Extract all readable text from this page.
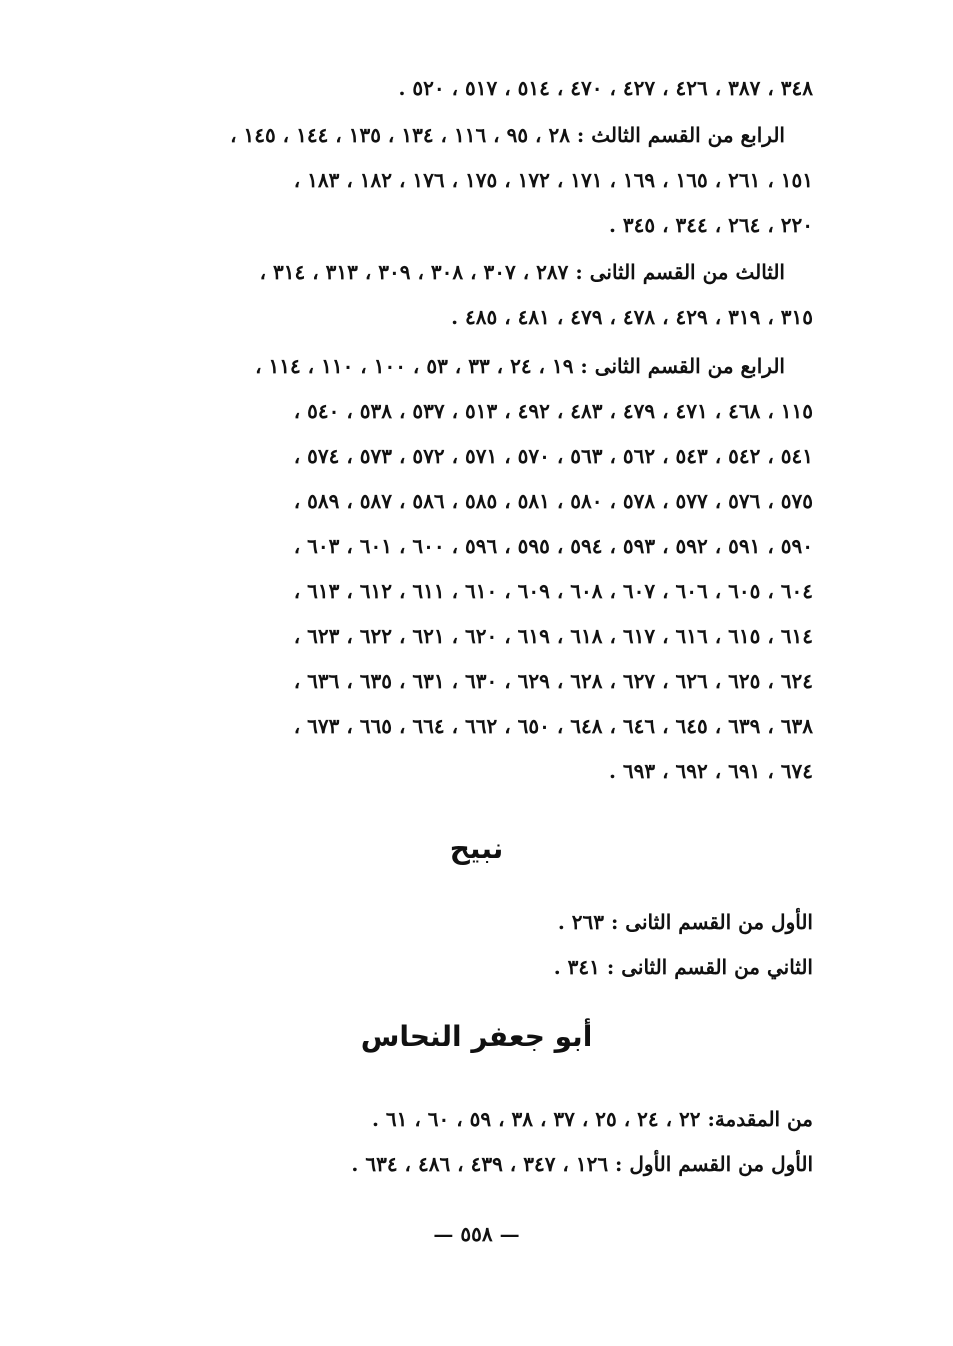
٣٤٨ ، ٣٨٧ ، ٤٢٦ ، ٤٢٧ ، ٤٧٠ ، ٥١٤ ، ٥١٧ ، ٥٢٠ .
الرابع من القسم الثالث : ٢٨ ، ٩٥ ، ١١٦ ، ١٣٤ ، ١٣٥ ، ١٤٤ ، ١٤٥ ،
١٥١ ، ٢٦١ ، ١٦٥ ، ١٦٩ ، ١٧١ ، ١٧٢ ، ١٧٥ ، ١٧٦ ، ١٨٢ ، ١٨٣ ،
٢٢٠ ، ٢٦٤ ، ٣٤٤ ، ٣٤٥ .
الثالث من القسم الثانى : ٢٨٧ ، ٣٠٧ ، ٣٠٨ ، ٣٠٩ ، ٣١٣ ، ٣١٤ ،
٣١٥ ، ٣١٩ ، ٤٢٩ ، ٤٧٨ ، ٤٧٩ ، ٤٨١ ، ٤٨٥ .
الرابع من القسم الثانى : ١٩ ، ٢٤ ، ٣٣ ، ٥٣ ، ١٠٠ ، ١١٠ ، ١١٤ ،
١١٥ ، ٤٦٨ ، ٤٧١ ، ٤٧٩ ، ٤٨٣ ، ٤٩٢ ، ٥١٣ ، ٥٣٧ ، ٥٣٨ ، ٥٤٠ ،
٥٤١ ، ٥٤٢ ، ٥٤٣ ، ٥٦٢ ، ٥٦٣ ، ٥٧٠ ، ٥٧١ ، ٥٧٢ ، ٥٧٣ ، ٥٧٤ ،
٥٧٥ ، ٥٧٦ ، ٥٧٧ ، ٥٧٨ ، ٥٨٠ ، ٥٨١ ، ٥٨٥ ، ٥٨٦ ، ٥٨٧ ، ٥٨٩ ،
٥٩٠ ، ٥٩١ ، ٥٩٢ ، ٥٩٣ ، ٥٩٤ ، ٥٩٥ ، ٥٩٦ ، ٦٠٠ ، ٦٠١ ، ٦٠٣ ،
٦٠٤ ، ٦٠٥ ، ٦٠٦ ، ٦٠٧ ، ٦٠٨ ، ٦٠٩ ، ٦١٠ ، ٦١١ ، ٦١٢ ، ٦١٣ ،
٦١٤ ، ٦١٥ ، ٦١٦ ، ٦١٧ ، ٦١٨ ، ٦١٩ ، ٦٢٠ ، ٦٢١ ، ٦٢٢ ، ٦٢٣ ،
٦٢٤ ، ٦٢٥ ، ٦٢٦ ، ٦٢٧ ، ٦٢٨ ، ٦٢٩ ، ٦٣٠ ، ٦٣١ ، ٦٣٥ ، ٦٣٦ ،
٦٣٨ ، ٦٣٩ ، ٦٤٥ ، ٦٤٦ ، ٦٤٨ ، ٦٥٠ ، ٦٦٢ ، ٦٦٤ ، ٦٦٥ ، ٦٧٣ ،
٦٧٤ ، ٦٩١ ، ٦٩٢ ، ٦٩٣ .
نبيح
الأول من القسم الثانى : ٢٦٣ .
الثاني من القسم الثانى : ٣٤١ .
أبو جعفر النحاس
من المقدمة: ٢٢ ، ٢٤ ، ٢٥ ، ٣٧ ، ٣٨ ، ٥٩ ، ٦٠ ، ٦١ .
الأول من القسم الأول : ١٢٦ ، ٣٤٧ ، ٤٣٩ ، ٤٨٦ ، ٦٣٤ .
— ٥٥٨ —
